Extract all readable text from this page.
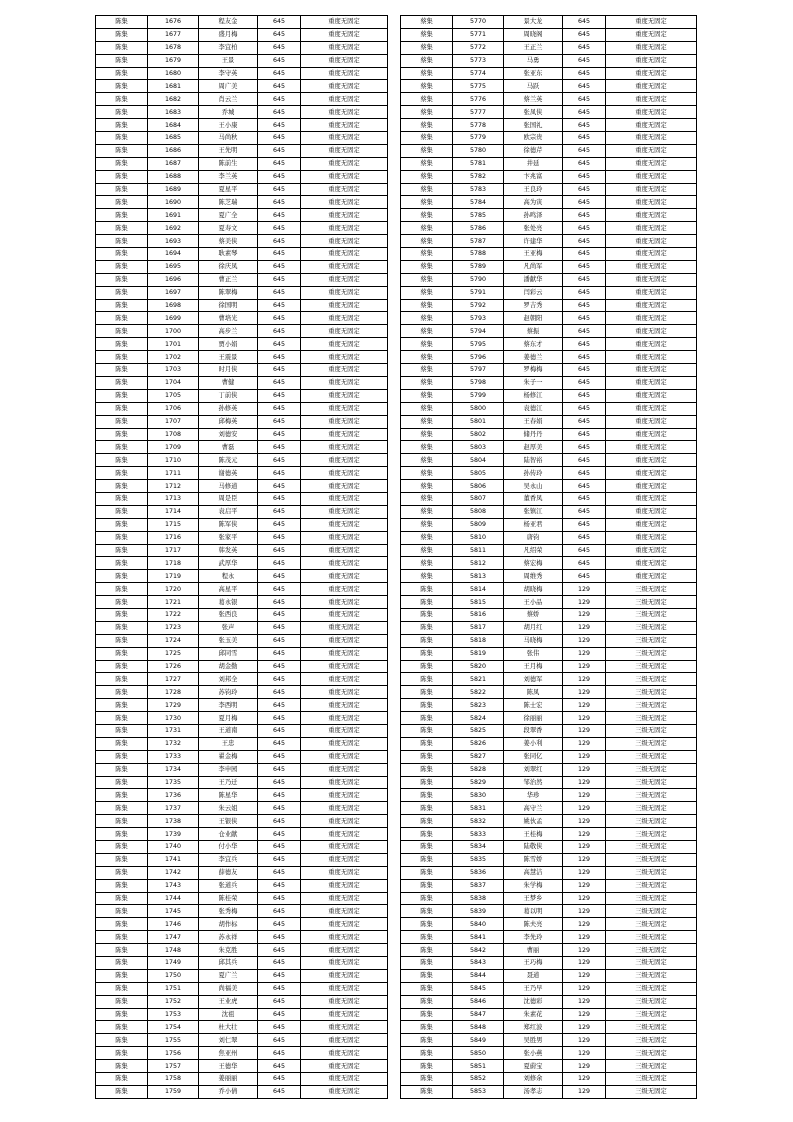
陈集	1676	程友金	645	重度无固定
陈集	1677	盛月梅	645	重度无固定
陈集	1678	李宜柏	645	重度无固定
陈集	1679	王景	645	重度无固定
陈集	1680	李守英	645	重度无固定
陈集	1681	周广美	645	重度无固定
陈集	1682	肖云兰	645	重度无固定
陈集	1683	乔城	645	重度无固定
陈集	1684	王小康	645	重度无固定
陈集	1685	马尚秋	645	重度无固定
陈集	1686	王先明	645	重度无固定
陈集	1687	陈前生	645	重度无固定
陈集	1688	李兰英	645	重度无固定
陈集	1689	夏星平	645	重度无固定
陈集	1690	陈芝瑞	645	重度无固定
陈集	1691	夏广全	645	重度无固定
陈集	1692	夏寿文	645	重度无固定
陈集	1693	蔡美侠	645	重度无固定
陈集	1694	耿素琴	645	重度无固定
陈集	1695	徐庆凤	645	重度无固定
陈集	1696	曹正兰	645	重度无固定
陈集	1697	陈翠梅	645	重度无固定
陈集	1698	徐国明	645	重度无固定
陈集	1699	曹培光	645	重度无固定
陈集	1700	高步兰	645	重度无固定
陈集	1701	贾小娟	645	重度无固定
陈集	1702	王震景	645	重度无固定
陈集	1703	时月侠	645	重度无固定
陈集	1704	曹健	645	重度无固定
陈集	1705	丁前侠	645	重度无固定
陈集	1706	孙修英	645	重度无固定
陈集	1707	邱梅英	645	重度无固定
陈集	1708	刘德安	645	重度无固定
陈集	1709	曹磊	645	重度无固定
陈集	1710	陈茂元	645	重度无固定
陈集	1711	谢德英	645	重度无固定
陈集	1712	马修道	645	重度无固定
陈集	1713	周是臣	645	重度无固定
陈集	1714	袁启平	645	重度无固定
陈集	1715	陈军侠	645	重度无固定
陈集	1716	张家平	645	重度无固定
陈集	1717	韩发英	645	重度无固定
陈集	1718	武厚华	645	重度无固定
陈集	1719	程永	645	重度无固定
陈集	1720	高星平	645	重度无固定
陈集	1721	葛永银	645	重度无固定
陈集	1722	张西良	645	重度无固定
陈集	1723	张声	645	重度无固定
陈集	1724	张玉美	645	重度无固定
陈集	1725	邱同雪	645	重度无固定
陈集	1726	胡金勤	645	重度无固定
陈集	1727	刘邦全	645	重度无固定
陈集	1728	苏钧玲	645	重度无固定
陈集	1729	李西明	645	重度无固定
陈集	1730	夏月梅	645	重度无固定
陈集	1731	王道南	645	重度无固定
陈集	1732	王忠	645	重度无固定
陈集	1733	翟金梅	645	重度无固定
陈集	1734	李申园	645	重度无固定
陈集	1735	王乃迁	645	重度无固定
陈集	1736	陈星华	645	重度无固定
陈集	1737	朱云姐	645	重度无固定
陈集	1738	王银侠	645	重度无固定
陈集	1739	仓业献	645	重度无固定
陈集	1740	付小华	645	重度无固定
陈集	1741	李宜兵	645	重度无固定
陈集	1742	薛德友	645	重度无固定
陈集	1743	张道兵	645	重度无固定
陈集	1744	陈桂荣	645	重度无固定
陈集	1745	张秀梅	645	重度无固定
陈集	1746	胡作标	645	重度无固定
陈集	1747	苏永祥	645	重度无固定
陈集	1748	朱克胜	645	重度无固定
陈集	1749	邱其兵	645	重度无固定
陈集	1750	夏广兰	645	重度无固定
陈集	1751	尚福美	645	重度无固定
陈集	1752	王业虎	645	重度无固定
陈集	1753	沈祖	645	重度无固定
陈集	1754	杜大壮	645	重度无固定
陈集	1755	刘仁翠	645	重度无固定
陈集	1756	焦亚州	645	重度无固定
陈集	1757	王德华	645	重度无固定
陈集	1758	姜丽丽	645	重度无固定
陈集	1759	乔小倩	645	重度无固定
蔡集	5770	景大龙	645	重度无固定
蔡集	5771	周晓阁	645	重度无固定
蔡集	5772	王正兰	645	重度无固定
蔡集	5773	马勇	645	重度无固定
蔡集	5774	张亚东	645	重度无固定
蔡集	5775	马跃	645	重度无固定
蔡集	5776	蔡兰英	645	重度无固定
蔡集	5777	张凤侠	645	重度无固定
蔡集	5778	张国礼	645	重度无固定
蔡集	5779	欧宗贵	645	重度无固定
蔡集	5780	徐德芹	645	重度无固定
蔡集	5781	井延	645	重度无固定
蔡集	5782	卞兆富	645	重度无固定
蔡集	5783	王良玲	645	重度无固定
蔡集	5784	高为寅	645	重度无固定
蔡集	5785	孙鸣泽	645	重度无固定
蔡集	5786	张处亮	645	重度无固定
蔡集	5787	许建华	645	重度无固定
蔡集	5788	王亚梅	645	重度无固定
蔡集	5789	凡尚军	645	重度无固定
蔡集	5790	潘献华	645	重度无固定
蔡集	5791	闫彩云	645	重度无固定
蔡集	5792	罗吉秀	645	重度无固定
蔡集	5793	赵朝阳	645	重度无固定
蔡集	5794	蔡振	645	重度无固定
蔡集	5795	蔡东才	645	重度无固定
蔡集	5796	姜德兰	645	重度无固定
蔡集	5797	罗梅梅	645	重度无固定
蔡集	5798	朱子一	645	重度无固定
蔡集	5799	杨修江	645	重度无固定
蔡集	5800	袁德江	645	重度无固定
蔡集	5801	王春娟	645	重度无固定
蔡集	5802	储丹丹	645	重度无固定
蔡集	5803	赵厚美	645	重度无固定
蔡集	5804	陆智裕	645	重度无固定
蔡集	5805	孙传玲	645	重度无固定
蔡集	5806	吴永山	645	重度无固定
蔡集	5807	董香凤	645	重度无固定
蔡集	5808	张镇江	645	重度无固定
蔡集	5809	杨亚君	645	重度无固定
蔡集	5810	唐钧	645	重度无固定
蔡集	5811	凡绍荣	645	重度无固定
蔡集	5812	蔡宏梅	645	重度无固定
蔡集	5813	周维秀	645	重度无固定
陈集	5814	胡晓梅	129	三级无固定
陈集	5815	王小品	129	三级无固定
陈集	5816	蔡娇	129	三级无固定
陈集	5817	胡月红	129	三级无固定
陈集	5818	马晓梅	129	三级无固定
陈集	5819	张伟	129	三级无固定
陈集	5820	王月梅	129	三级无固定
陈集	5821	刘德军	129	三级无固定
陈集	5822	陈凤	129	三级无固定
陈集	5823	陈士宏	129	三级无固定
陈集	5824	徐丽丽	129	三级无固定
陈集	5825	段翠香	129	三级无固定
陈集	5826	姜小利	129	三级无固定
陈集	5827	张同亿	129	三级无固定
陈集	5828	刘翠红	129	三级无固定
陈集	5829	邹治然	129	三级无固定
陈集	5830	华珍	129	三级无固定
陈集	5831	高守兰	129	三级无固定
陈集	5832	姚伙孟	129	三级无固定
陈集	5833	王桂梅	129	三级无固定
陈集	5834	陆敬侠	129	三级无固定
陈集	5835	陈雪娇	129	三级无固定
陈集	5836	高慧洁	129	三级无固定
陈集	5837	朱学梅	129	三级无固定
陈集	5838	王梦乡	129	三级无固定
陈集	5839	葛以明	129	三级无固定
陈集	5840	陈夫亮	129	三级无固定
陈集	5841	李先玲	129	三级无固定
陈集	5842	曹丽	129	三级无固定
陈集	5843	王巧梅	129	三级无固定
陈集	5844	聂道	129	三级无固定
陈集	5845	王乃早	129	三级无固定
陈集	5846	沈德彩	129	三级无固定
陈集	5847	朱素花	129	三级无固定
陈集	5848	郑红波	129	三级无固定
陈集	5849	吴胜男	129	三级无固定
陈集	5850	张小燕	129	三级无固定
陈集	5851	夏蔚宝	129	三级无固定
陈集	5852	刘修余	129	三级无固定
陈集	5853	汤孝志	129	三级无固定
